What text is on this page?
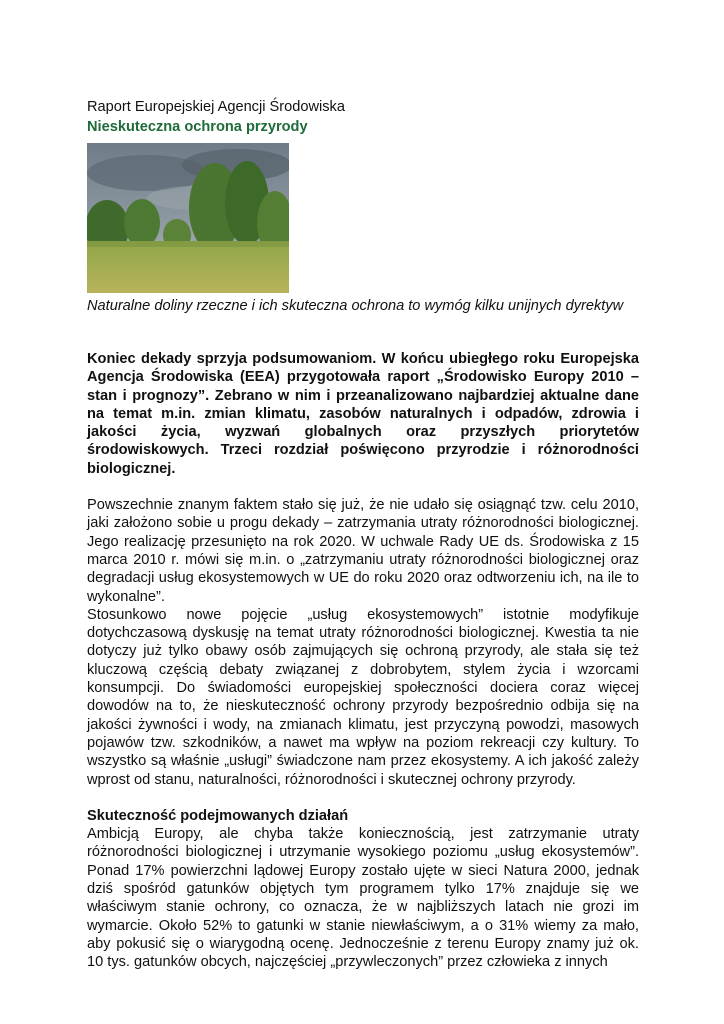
Raport Europejskiej Agencji Środowiska

Nieskuteczna ochrona przyrody

Naturalne doliny rzeczne i ich skuteczna ochrona to wymóg kilku unijnych dyrektyw

Koniec dekady sprzyja podsumowaniom. W końcu ubiegłego roku Europejska Agencja Środowiska (EEA) przygotowała raport „Środowisko Europy 2010 – stan i prognozy”. Zebrano w nim i przeanalizowano najbardziej aktualne dane na temat m.in. zmian klimatu, zasobów naturalnych i odpadów, zdrowia i jakości życia, wyzwań globalnych oraz przyszłych priorytetów środowiskowych. Trzeci rozdział poświęcono przyrodzie i różnorodności biologicznej.

Powszechnie znanym faktem stało się już, że nie udało się osiągnąć tzw. celu 2010, jaki założono sobie u progu dekady – zatrzymania utraty różnorodności biologicznej. Jego realizację przesunięto na rok 2020. W uchwale Rady UE ds. Środowiska z 15 marca 2010 r. mówi się m.in. o „zatrzymaniu utraty różnorodności biologicznej oraz degradacji usług ekosystemowych w UE do roku 2020 oraz odtworzeniu ich, na ile to wykonalne”.

Stosunkowo nowe pojęcie „usług ekosystemowych” istotnie modyfikuje dotychczasową dyskusję na temat utraty różnorodności biologicznej. Kwestia ta nie dotyczy już tylko obawy osób zajmujących się ochroną przyrody, ale stała się też kluczową częścią debaty związanej z dobrobytem, stylem życia i wzorcami konsumpcji. Do świadomości europejskiej społeczności dociera coraz więcej dowodów na to, że nieskuteczność ochrony przyrody bezpośrednio odbija się na jakości żywności i wody, na zmianach klimatu, jest przyczyną powodzi, masowych pojawów tzw. szkodników, a nawet ma wpływ na poziom rekreacji czy kultury. To wszystko są właśnie „usługi” świadczone nam przez ekosystemy. A ich jakość zależy wprost od stanu, naturalności, różnorodności i skutecznej ochrony przyrody.

Skuteczność podejmowanych działań

Ambicją Europy, ale chyba także koniecznością, jest zatrzymanie utraty różnorodności biologicznej i utrzymanie wysokiego poziomu „usług ekosystemów”. Ponad 17% powierzchni lądowej Europy zostało ujęte w sieci Natura 2000, jednak dziś spośród gatunków objętych tym programem tylko 17% znajduje się we właściwym stanie ochrony, co oznacza, że w najbliższych latach nie grozi im wymarcie. Około 52% to gatunki w stanie niewłaściwym, a o 31% wiemy za mało, aby pokusić się o wiarygodną ocenę. Jednocześnie z terenu Europy znamy już ok. 10 tys. gatunków obcych, najczęściej „przywleczonych” przez człowieka z innych
